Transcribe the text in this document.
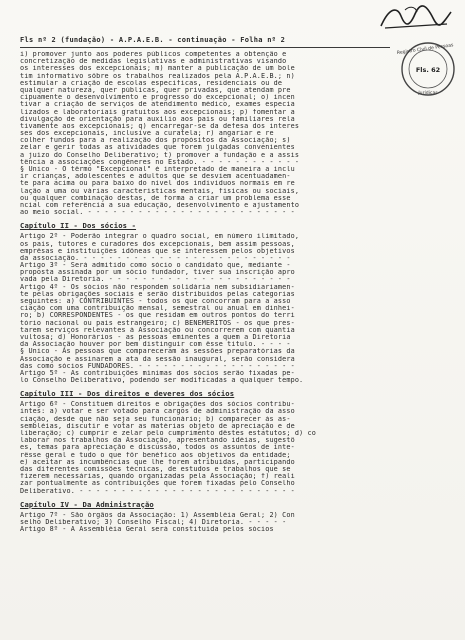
Registro Civil de Pessoas
Jurídicas
Fls. 62
Fls nº 2 (fundação) - A.P.A.E.B. - continuação - Folha nº 2
i) promover junto aos poderes públicos competentes a obtenção e
concretização de medidas legislativas e administrativas visando
os interesses dos excepcionais; m) manter a publicação de um bole
tim informativo sôbre os trabalhos realizados pela A.P.A.E.B.; n)
estimular a criação de escolas especificas, residenciais ou de
qualquer natureza, quer públicas, quer privadas, que atendam pre
cipuamente o desenvolvimento e progresso do excepcional; o) incen
tivar a criação de serviços de atendimento médico, exames especia
lizados e laboratoriais gratuitos aos excepcionais; p) fomentar a
divulgação de orientação para auxílio aos pais ou familiares rela
tivamente aos excepcionais; q) encarregar-se da defesa dos interes
ses dos excepcionais, inclusive a curatela; r) angariar e re
colher fundos para a realização dos propósitos da Associação; s)
zelar e gerir todas as atividades que forem julgadas convenientes
a juízo do Conselho Deliberativo; t) promover a fundação e a assis
tência a associações congêneres no Estado. - - - - - - - - - - - -
§ Único - O têrmo "Excepcional" é interpretado de maneira a inclu
ir crianças, adolescentes e adultos que se desviem acentuadamen-
te para acima ou para baixo do nível dos indivíduos normais em re
lação a uma ou várias características mentais, físicas ou sociais,
ou qualquer combinação destas, de forma a criar um problema esse
ncial com referência a sua educação, desenvolvimento e ajustamento
ao meio social. - - - - - - - - - - - - - - - - - - - - - - - - -
Capítulo II - Dos sócios -
Artigo 2º - Poderão integrar o quadro social, em número ilimitado,
os pais, tutores e curadores dos excepcionais, bem assim pessoas,
emprêsas e instituições idôneas que se interessem pelos objetivos
da associação. - - - - - - - - - - - - - - - - - - - - - - - - -
Artigo 3º - Será admitido como sócio o candidato que, mediante -
proposta assinada por um sócio fundador, tiver sua inscrição apro
vada pela Diretoria. - - - - - - - - - - - - - - - - - - - - - -
Artigo 4º - Os sócios não respondem solidária nem subsidiariamen-
te pelas obrigações sociais e serão distribuídos pelas categorias
seguintes: a) CONTRIBUINTES - todos os que concorram para a asso
ciação com uma contribuição mensal, semestral ou anual em dinhei-
ro; b) CORRESPONDENTES - os que residam em outros pontos do terri
tório nacional ou país estrangeiro; c) BENEMÉRITOS - os que pres-
tarem serviços relevantes à Associação ou concorrerem com quantia
vultosa; d) Honorários - as pessoas eminentes a quem a Diretoria
da Associação houver por bem distinguir com êsse título. - - - -
§ Único - As pessoas que compareceram às sessões preparatórias da
Associação e assinarem a ata da sessão inaugural, serão considera
das como sócios FUNDADORES. - - - - - - - - - - - - - - - - - - -
Artigo 5º - As contribuições mínimas dos sócios serão fixadas pe-
lo Conselho Deliberativo, podendo ser modificadas a qualquer tempo.
Capítulo III - Dos direitos e deveres dos sócios
Artigo 6º - Constituem direitos e obrigações dos sócios contribu-
intes: a) votar e ser votado para cargos de administração da asso
ciação, desde que não seja seu funcionário; b) comparecer às as-
sembléias, discutir e votar as matérias objeto de apreciação e de
liberação; c) cumprir e zelar pelo cumprimento dêstes estatutos; d) co
laborar nos trabalhos da Associação, apresentando idéias, sugestõ
es, temas para apreciação e discussão, todos os assuntos de inte-
rêsse geral e tudo o que fôr benéfico aos objetivos da entidade;
e) aceitar as incumbências que lhe forem atribuídas, participando
das diferentes comissões técnicas, de estudos e trabalhos que se
fizerem necessárias, quando organizadas pela Associação; f) reali
zar pontualmente as contribuições que forem fixadas pelo Conselho
Deliberativo. - - - - - - - - - - - - - - - - - - - - - - - - - -
Capítulo IV - Da Administração
Artigo 7º - São órgãos da Associação: 1) Assembléia Geral; 2) Con
selho Deliberativo; 3) Conselho Fiscal; 4) Diretoria. - - - - -
Artigo 8º - A Assembléia Geral será constituída pelos sócios
